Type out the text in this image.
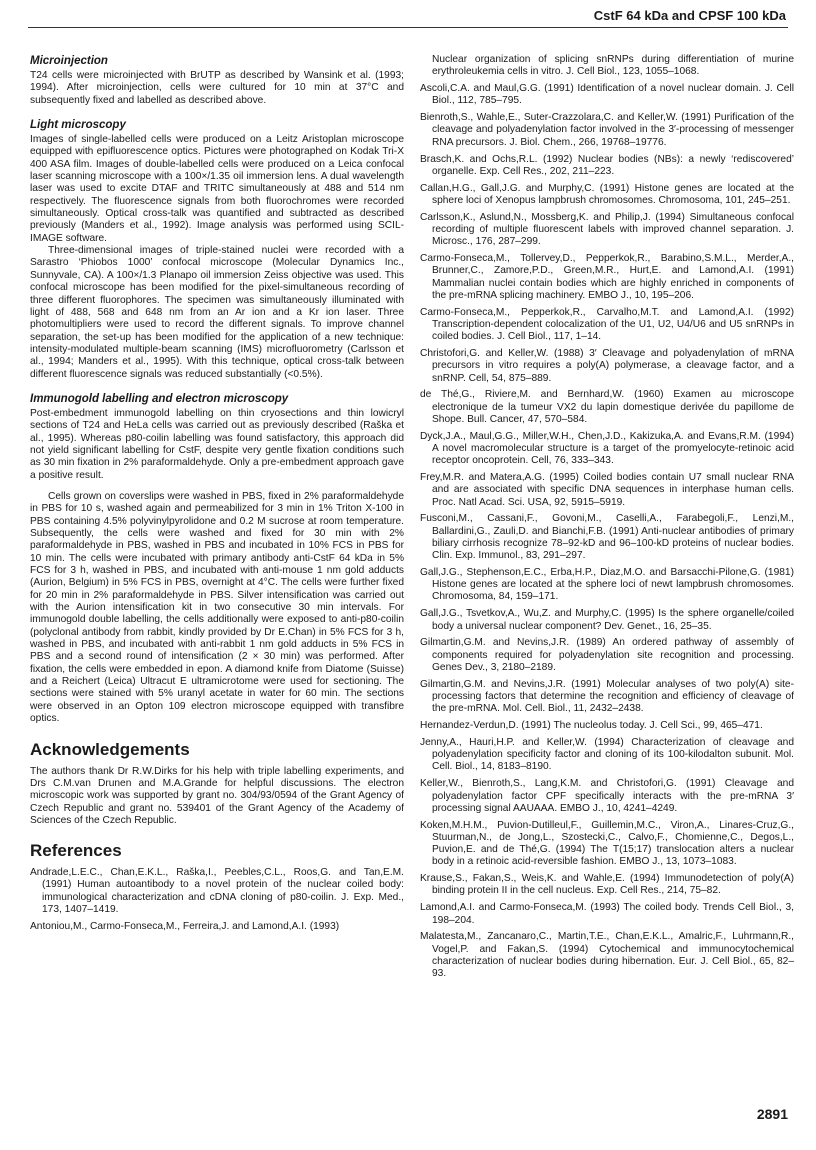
CstF 64 kDa and CPSF 100 kDa

Microinjection

T24 cells were microinjected with BrUTP as described by Wansink et al. (1993; 1994). After microinjection, cells were cultured for 10 min at 37°C and subsequently fixed and labelled as described above.

Light microscopy

Images of single-labelled cells were produced on a Leitz Aristoplan microscope equipped with epifluorescence optics. Pictures were photographed on Kodak Tri-X 400 ASA film. Images of double-labelled cells were produced on a Leica confocal laser scanning microscope with a 100×/1.35 oil immersion lens. A dual wavelength laser was used to excite DTAF and TRITC simultaneously at 488 and 514 nm respectively. The fluorescence signals from both fluorochromes were recorded simultaneously. Optical cross-talk was quantified and subtracted as described previously (Manders et al., 1992). Image analysis was performed using SCIL-IMAGE software.

Three-dimensional images of triple-stained nuclei were recorded with a Sarastro ‘Phiobos 1000’ confocal microscope (Molecular Dynamics Inc., Sunnyvale, CA). A 100×/1.3 Planapo oil immersion Zeiss objective was used. This confocal microscope has been modified for the pixel-simultaneous recording of three different fluorophores. The specimen was simultaneously illuminated with light of 488, 568 and 648 nm from an Ar ion and a Kr ion laser. Three photomultipliers were used to record the different signals. To improve channel separation, the set-up has been modified for the application of a new technique: intensity-modulated multiple-beam scanning (IMS) microfluorometry (Carlsson et al., 1994; Manders et al., 1995). With this technique, optical cross-talk between different fluorescence signals was reduced substantially (<0.5%).

Immunogold labelling and electron microscopy

Post-embedment immunogold labelling on thin cryosections and thin lowicryl sections of T24 and HeLa cells was carried out as previously described (Raška et al., 1995). Whereas p80-coilin labelling was found satisfactory, this approach did not yield significant labelling for CstF, despite very gentle fixation conditions such as 30 min fixation in 2% paraformaldehyde. Only a pre-embedment approach gave a positive result.

Cells grown on coverslips were washed in PBS, fixed in 2% paraformaldehyde in PBS for 10 s, washed again and permeabilized for 3 min in 1% Triton X-100 in PBS containing 4.5% polyvinylpyrolidone and 0.2 M sucrose at room temperature. Subsequently, the cells were washed and fixed for 30 min with 2% paraformaldehyde in PBS, washed in PBS and incubated in 10% FCS in PBS for 10 min. The cells were incubated with primary antibody anti-CstF 64 kDa in 5% FCS for 3 h, washed in PBS, and incubated with anti-mouse 1 nm gold adducts (Aurion, Belgium) in 5% FCS in PBS, overnight at 4°C. The cells were further fixed for 20 min in 2% paraformaldehyde in PBS. Silver intensification was carried out with the Aurion intensification kit in two consecutive 30 min intervals. For immunogold double labelling, the cells additionally were exposed to anti-p80-coilin (polyclonal antibody from rabbit, kindly provided by Dr E.Chan) in 5% FCS for 3 h, washed in PBS, and incubated with anti-rabbit 1 nm gold adducts in 5% FCS in PBS and a second round of intensification (2 × 30 min) was performed. After fixation, the cells were embedded in epon. A diamond knife from Diatome (Suisse) and a Reichert (Leica) Ultracut E ultramicrotome were used for sectioning. The sections were stained with 5% uranyl acetate in water for 60 min. The sections were observed in an Opton 109 electron microscope equipped with transfibre optics.

Acknowledgements

The authors thank Dr R.W.Dirks for his help with triple labelling experiments, and Drs C.M.van Drunen and M.A.Grande for helpful discussions. The electron microscopic work was supported by grant no. 304/93/0594 of the Grant Agency of Czech Republic and grant no. 539401 of the Grant Agency of the Academy of Sciences of the Czech Republic.

References

Andrade,L.E.C., Chan,E.K.L., Raška,I., Peebles,C.L., Roos,G. and Tan,E.M. (1991) Human autoantibody to a novel protein of the nuclear coiled body: immunological characterization and cDNA cloning of p80-coilin. J. Exp. Med., 173, 1407–1419.

Antoniou,M., Carmo-Fonseca,M., Ferreira,J. and Lamond,A.I. (1993)

Nuclear organization of splicing snRNPs during differentiation of murine erythroleukemia cells in vitro. J. Cell Biol., 123, 1055–1068.

Ascoli,C.A. and Maul,G.G. (1991) Identification of a novel nuclear domain. J. Cell Biol., 112, 785–795.

Bienroth,S., Wahle,E., Suter-Crazzolara,C. and Keller,W. (1991) Purification of the cleavage and polyadenylation factor involved in the 3′-processing of messenger RNA precursors. J. Biol. Chem., 266, 19768–19776.

Brasch,K. and Ochs,R.L. (1992) Nuclear bodies (NBs): a newly ‘rediscovered’ organelle. Exp. Cell Res., 202, 211–223.

Callan,H.G., Gall,J.G. and Murphy,C. (1991) Histone genes are located at the sphere loci of Xenopus lampbrush chromosomes. Chromosoma, 101, 245–251.

Carlsson,K., Aslund,N., Mossberg,K. and Philip,J. (1994) Simultaneous confocal recording of multiple fluorescent labels with improved channel separation. J. Microsc., 176, 287–299.

Carmo-Fonseca,M., Tollervey,D., Pepperkok,R., Barabino,S.M.L., Merder,A., Brunner,C., Zamore,P.D., Green,M.R., Hurt,E. and Lamond,A.I. (1991) Mammalian nuclei contain bodies which are highly enriched in components of the pre-mRNA splicing machinery. EMBO J., 10, 195–206.

Carmo-Fonseca,M., Pepperkok,R., Carvalho,M.T. and Lamond,A.I. (1992) Transcription-dependent colocalization of the U1, U2, U4/U6 and U5 snRNPs in coiled bodies. J. Cell Biol., 117, 1–14.

Christofori,G. and Keller,W. (1988) 3′ Cleavage and polyadenylation of mRNA precursors in vitro requires a poly(A) polymerase, a cleavage factor, and a snRNP. Cell, 54, 875–889.

de Thé,G., Riviere,M. and Bernhard,W. (1960) Examen au microscope electronique de la tumeur VX2 du lapin domestique derivée du papillome de Shope. Bull. Cancer, 47, 570–584.

Dyck,J.A., Maul,G.G., Miller,W.H., Chen,J.D., Kakizuka,A. and Evans,R.M. (1994) A novel macromolecular structure is a target of the promyelocyte-retinoic acid receptor oncoprotein. Cell, 76, 333–343.

Frey,M.R. and Matera,A.G. (1995) Coiled bodies contain U7 small nuclear RNA and are associated with specific DNA sequences in interphase human cells. Proc. Natl Acad. Sci. USA, 92, 5915–5919.

Fusconi,M., Cassani,F., Govoni,M., Caselli,A., Farabegoli,F., Lenzi,M., Ballardini,G., Zauli,D. and Bianchi,F.B. (1991) Anti-nuclear antibodies of primary biliary cirrhosis recognize 78–92-kD and 96–100-kD proteins of nuclear bodies. Clin. Exp. Immunol., 83, 291–297.

Gall,J.G., Stephenson,E.C., Erba,H.P., Diaz,M.O. and Barsacchi-Pilone,G. (1981) Histone genes are located at the sphere loci of newt lampbrush chromosomes. Chromosoma, 84, 159–171.

Gall,J.G., Tsvetkov,A., Wu,Z. and Murphy,C. (1995) Is the sphere organelle/coiled body a universal nuclear component? Dev. Genet., 16, 25–35.

Gilmartin,G.M. and Nevins,J.R. (1989) An ordered pathway of assembly of components required for polyadenylation site recognition and processing. Genes Dev., 3, 2180–2189.

Gilmartin,G.M. and Nevins,J.R. (1991) Molecular analyses of two poly(A) site-processing factors that determine the recognition and efficiency of cleavage of the pre-mRNA. Mol. Cell. Biol., 11, 2432–2438.

Hernandez-Verdun,D. (1991) The nucleolus today. J. Cell Sci., 99, 465–471.

Jenny,A., Hauri,H.P. and Keller,W. (1994) Characterization of cleavage and polyadenylation specificity factor and cloning of its 100-kilodalton subunit. Mol. Cell. Biol., 14, 8183–8190.

Keller,W., Bienroth,S., Lang,K.M. and Christofori,G. (1991) Cleavage and polyadenylation factor CPF specifically interacts with the pre-mRNA 3′ processing signal AAUAAA. EMBO J., 10, 4241–4249.

Koken,M.H.M., Puvion-Dutilleul,F., Guillemin,M.C., Viron,A., Linares-Cruz,G., Stuurman,N., de Jong,L., Szostecki,C., Calvo,F., Chomienne,C., Degos,L., Puvion,E. and de Thé,G. (1994) The T(15;17) translocation alters a nuclear body in a retinoic acid-reversible fashion. EMBO J., 13, 1073–1083.

Krause,S., Fakan,S., Weis,K. and Wahle,E. (1994) Immunodetection of poly(A) binding protein II in the cell nucleus. Exp. Cell Res., 214, 75–82.

Lamond,A.I. and Carmo-Fonseca,M. (1993) The coiled body. Trends Cell Biol., 3, 198–204.

Malatesta,M., Zancanaro,C., Martin,T.E., Chan,E.K.L., Amalric,F., Luhrmann,R., Vogel,P. and Fakan,S. (1994) Cytochemical and immunocytochemical characterization of nuclear bodies during hibernation. Eur. J. Cell Biol., 65, 82–93.

2891
